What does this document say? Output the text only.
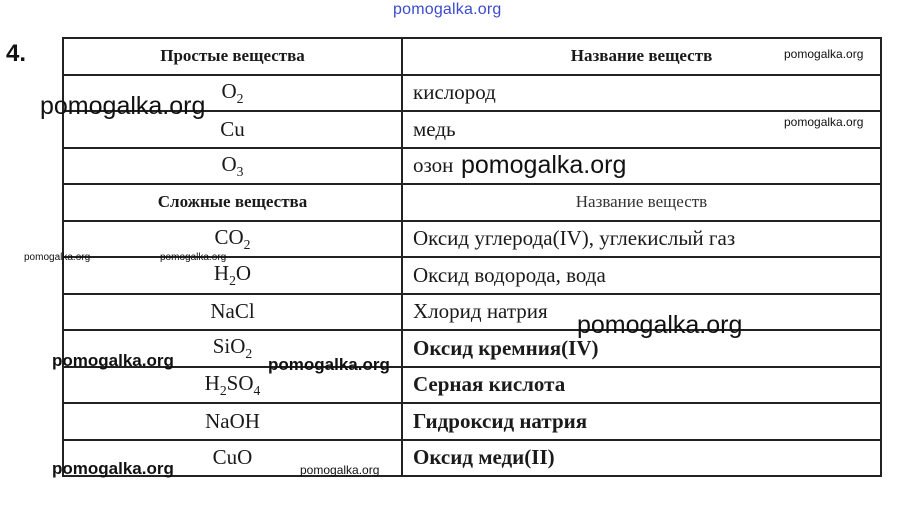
pomogalka.org
4.	Простые вещества	Название веществ
$O_2$	кислород
Cu	медь
$O_3$	озон
Сложные вещества	Название веществ
$CO_2$	Оксид углерода(IV), углекислый газ
$H_2O$	Оксид водорода, вода
NaCl	Хлорид натрия
SiO$_2$	Оксид кремния(IV)
$H_2SO_4$	Серная кислота
NaOH	Гидроксид натрия
CuO	Оксид меди(II)
pomogalka.org
pomogalka.org
pomogalka.org
pomogalka.org
pomogalka.org	pomogalka.org
pomogalka.org
pomogalka.org	pomogalka.org
pomogalka.org	pomogalka.org
